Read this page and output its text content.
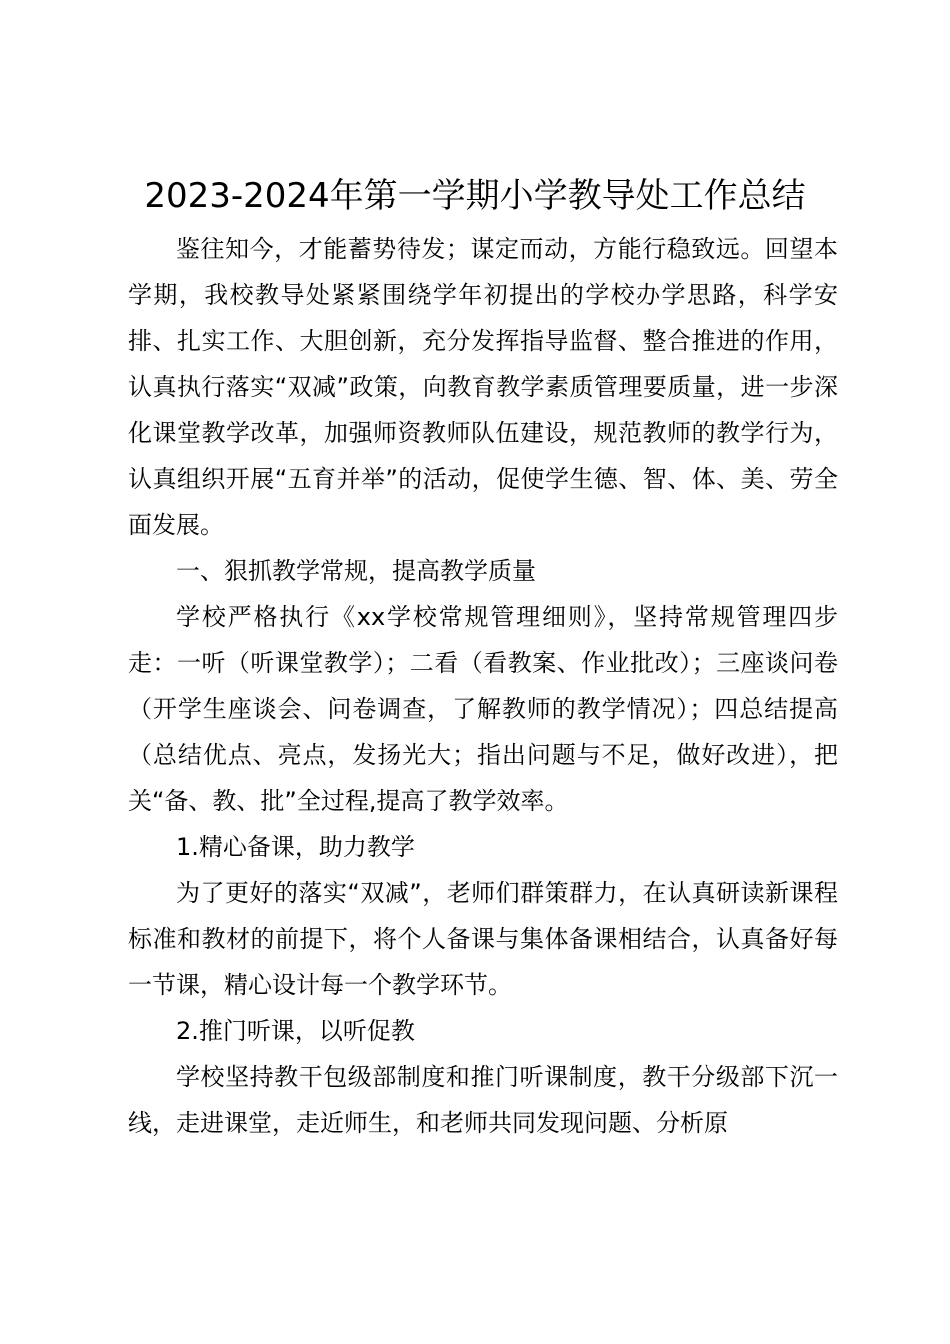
2023-2024年第一学期小学教导处工作总结

鉴往知今，才能蓄势待发；谋定而动，方能行稳致远。回望本学期，我校教导处紧紧围绕学年初提出的学校办学思路，科学安排、扎实工作、大胆创新，充分发挥指导监督、整合推进的作用，认真执行落实“双减”政策，向教育教学素质管理要质量，进一步深化课堂教学改革，加强师资教师队伍建设，规范教师的教学行为，认真组织开展“五育并举”的活动，促使学生德、智、体、美、劳全面发展。

一、狠抓教学常规，提高教学质量

学校严格执行《xx学校常规管理细则》，坚持常规管理四步走：一听（听课堂教学）；二看（看教案、作业批改）；三座谈问卷（开学生座谈会、问卷调查，了解教师的教学情况）；四总结提高（总结优点、亮点，发扬光大；指出问题与不足，做好改进），把关“备、教、批”全过程,提高了教学效率。

1.精心备课，助力教学

为了更好的落实“双减”，老师们群策群力，在认真研读新课程标准和教材的前提下，将个人备课与集体备课相结合，认真备好每一节课，精心设计每一个教学环节。

2.推门听课，以听促教

学校坚持教干包级部制度和推门听课制度，教干分级部下沉一线，走进课堂，走近师生，和老师共同发现问题、分析原
